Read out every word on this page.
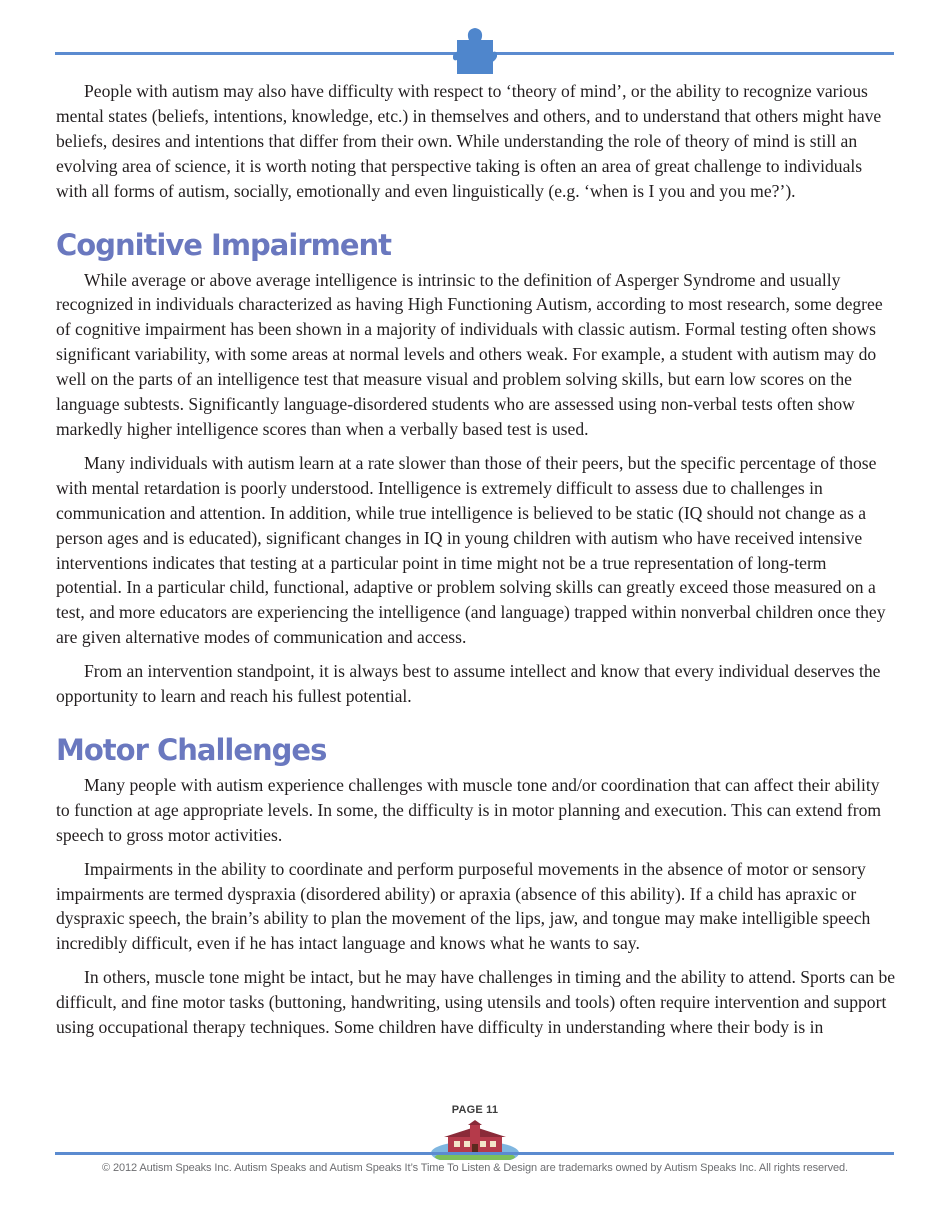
People with autism may also have difficulty with respect to ‘theory of mind’, or the ability to recognize various mental states (beliefs, intentions, knowledge, etc.) in themselves and others, and to understand that others might have beliefs, desires and intentions that differ from their own. While understanding the role of theory of mind is still an evolving area of science, it is worth noting that perspective taking is often an area of great challenge to individuals with all forms of autism, socially, emotionally and even linguistically (e.g. ‘when is I you and you me?’).

Cognitive Impairment

While average or above average intelligence is intrinsic to the definition of Asperger Syndrome and usually recognized in individuals characterized as having High Functioning Autism, according to most research, some degree of cognitive impairment has been shown in a majority of individuals with classic autism. Formal testing often shows significant variability, with some areas at normal levels and others weak. For example, a student with autism may do well on the parts of an intelligence test that measure visual and problem solving skills, but earn low scores on the language subtests. Significantly language-disordered students who are assessed using non-verbal tests often show markedly higher intelligence scores than when a verbally based test is used.

Many individuals with autism learn at a rate slower than those of their peers, but the specific percentage of those with mental retardation is poorly understood. Intelligence is extremely difficult to assess due to challenges in communication and attention. In addition, while true intelligence is believed to be static (IQ should not change as a person ages and is educated), significant changes in IQ in young children with autism who have received intensive interventions indicates that testing at a particular point in time might not be a true representation of long-term potential. In a particular child, functional, adaptive or problem solving skills can greatly exceed those measured on a test, and more educators are experiencing the intelligence (and language) trapped within nonverbal children once they are given alternative modes of communication and access.

From an intervention standpoint, it is always best to assume intellect and know that every individual deserves the opportunity to learn and reach his fullest potential.

Motor Challenges

Many people with autism experience challenges with muscle tone and/or coordination that can affect their ability to function at age appropriate levels. In some, the difficulty is in motor planning and execution. This can extend from speech to gross motor activities.

Impairments in the ability to coordinate and perform purposeful movements in the absence of motor or sensory impairments are termed dyspraxia (disordered ability) or apraxia (absence of this ability). If a child has apraxic or dyspraxic speech, the brain’s ability to plan the movement of the lips, jaw, and tongue may make intelligible speech incredibly difficult, even if he has intact language and knows what he wants to say.

In others, muscle tone might be intact, but he may have challenges in timing and the ability to attend. Sports can be difficult, and fine motor tasks (buttoning, handwriting, using utensils and tools) often require intervention and support using occupational therapy techniques. Some children have difficulty in understanding where their body is in

PAGE 11
© 2012 Autism Speaks Inc. Autism Speaks and Autism Speaks It’s Time To Listen & Design are trademarks owned by Autism Speaks Inc. All rights reserved.
